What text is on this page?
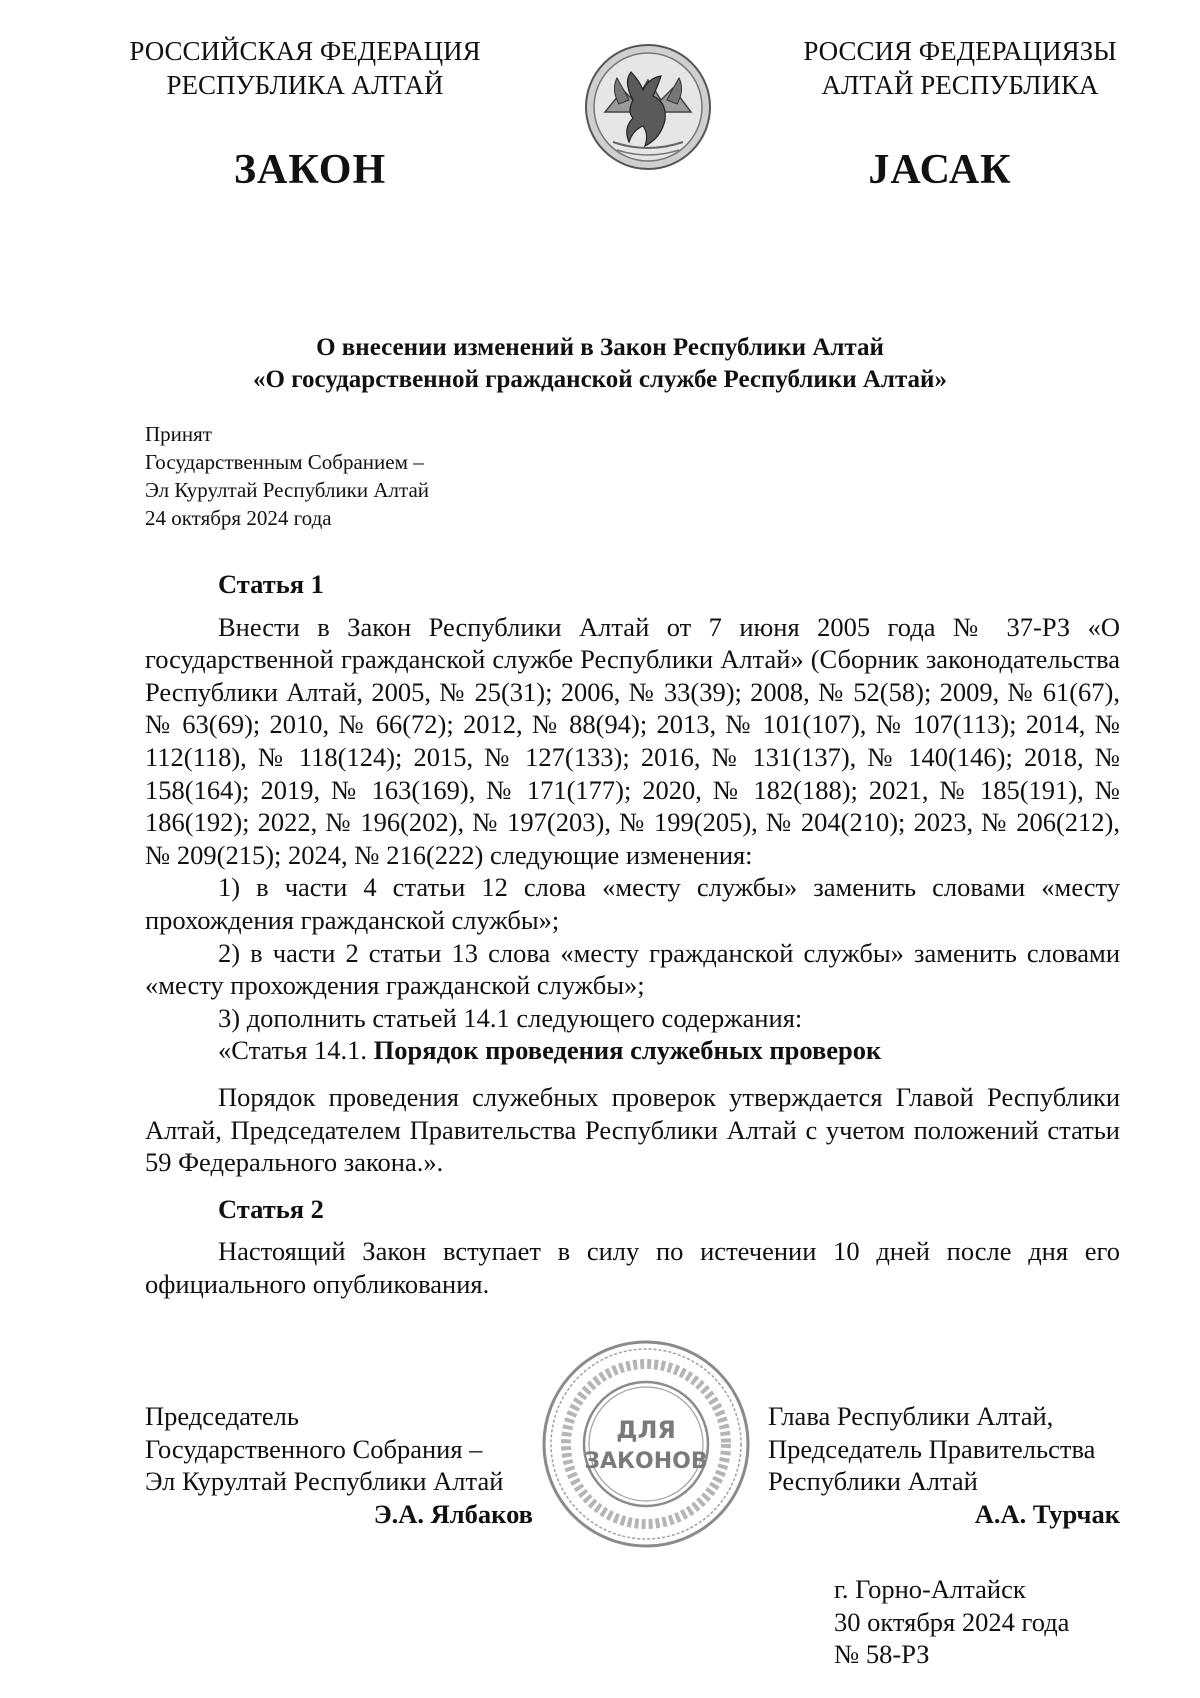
РОССИЙСКАЯ ФЕДЕРАЦИЯ
РЕСПУБЛИКА АЛТАЙ
РОССИЯ ФЕДЕРАЦИЯЗЫ
АЛТАЙ РЕСПУБЛИКА
ЗАКОН	ЈАСАК
О внесении изменений в Закон Республики Алтай
«О государственной гражданской службе Республики Алтай»
Принят
Государственным Собранием –
Эл Курултай Республики Алтай
24 октября 2024 года

Статья 1

Внести в Закон Республики Алтай от 7 июня 2005 года № 37-РЗ «О государственной гражданской службе Республики Алтай» (Сборник законодательства Республики Алтай, 2005, № 25(31); 2006, № 33(39); 2008, № 52(58); 2009, № 61(67), № 63(69); 2010, № 66(72); 2012, № 88(94); 2013, № 101(107), № 107(113); 2014, № 112(118), № 118(124); 2015, № 127(133); 2016, № 131(137), № 140(146); 2018, № 158(164); 2019, № 163(169), № 171(177); 2020, № 182(188); 2021, № 185(191), № 186(192); 2022, № 196(202), № 197(203), № 199(205), № 204(210); 2023, № 206(212), № 209(215); 2024, № 216(222) следующие изменения:

1) в части 4 статьи 12 слова «месту службы» заменить словами «месту прохождения гражданской службы»;

2) в части 2 статьи 13 слова «месту гражданской службы» заменить словами «месту прохождения гражданской службы»;

3) дополнить статьей 14.1 следующего содержания:

«Статья 14.1. Порядок проведения служебных проверок

Порядок проведения служебных проверок утверждается Главой Республики Алтай, Председателем Правительства Республики Алтай с учетом положений статьи 59 Федерального закона.».

Статья 2

Настоящий Закон вступает в силу по истечении 10 дней после дня его официального опубликования.

ДЛЯ
ЗАКОНОВ
Председатель
Государственного Собрания –
Эл Курултай Республики Алтай
Э.А. Ялбаков
Глава Республики Алтай,
Председатель Правительства
Республики Алтай
А.А. Турчак
г. Горно-Алтайск
30 октября 2024 года
№ 58-РЗ
